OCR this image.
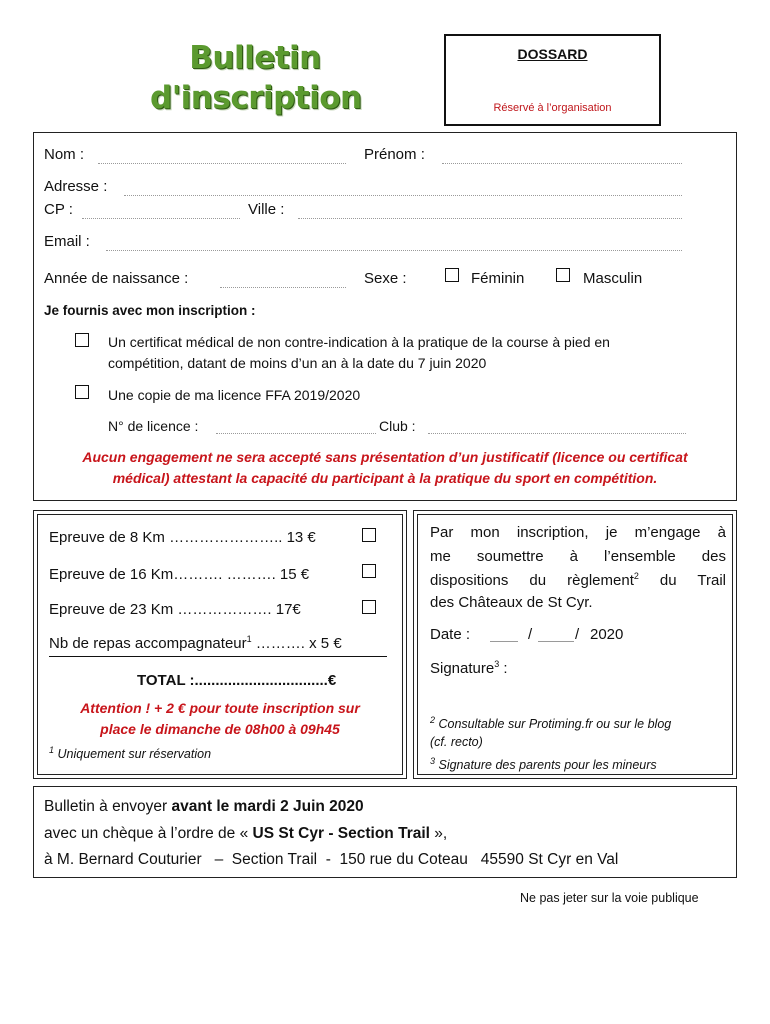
Bulletin
d'inscription
DOSSARD
Réservé à l’organisation
Nom :	Prénom :
Adresse :
CP :	Ville :
Email :
Année de naissance :	Sexe :	Féminin	Masculin
Je fournis avec mon inscription :
Un certificat médical de non contre-indication à la pratique de la course à pied en
compétition, datant de moins d’un an à la date du 7 juin 2020
Une copie de ma licence FFA 2019/2020
N° de licence :	Club :
Aucun engagement ne sera accepté sans présentation d’un justificatif (licence ou certificat
médical) attestant la capacité du participant à la pratique du sport en compétition.
Epreuve de 8 Km ………………….. 13 €
Epreuve de 16 Km………. ………. 15 €
Epreuve de 23 Km ………………. 17€
Nb de repas accompagnateur$^1$ ………. x 5 €
TOTAL :................................€
Attention ! + 2 € pour toute inscription sur
place le dimanche de 08h00 à 09h45
$^1$ Uniquement sur réservation
Par mon inscription, je m’engage à
me soumettre à l’ensemble des
dispositions du règlement$^2$ du Trail
des Châteaux de St Cyr.
Date :	/	/ 2020
Signature$^3$ :
$^2$ Consultable sur Protiming.fr ou sur le blog
(cf. recto)
$^3$ Signature des parents pour les mineurs
Bulletin à envoyer avant le mardi 2 Juin 2020
avec un chèque à l’ordre de « US St Cyr - Section Trail »,
à M. Bernard Couturier   –  Section Trail  -  150 rue du Coteau   45590 St Cyr en Val
Ne pas jeter sur la voie publique
